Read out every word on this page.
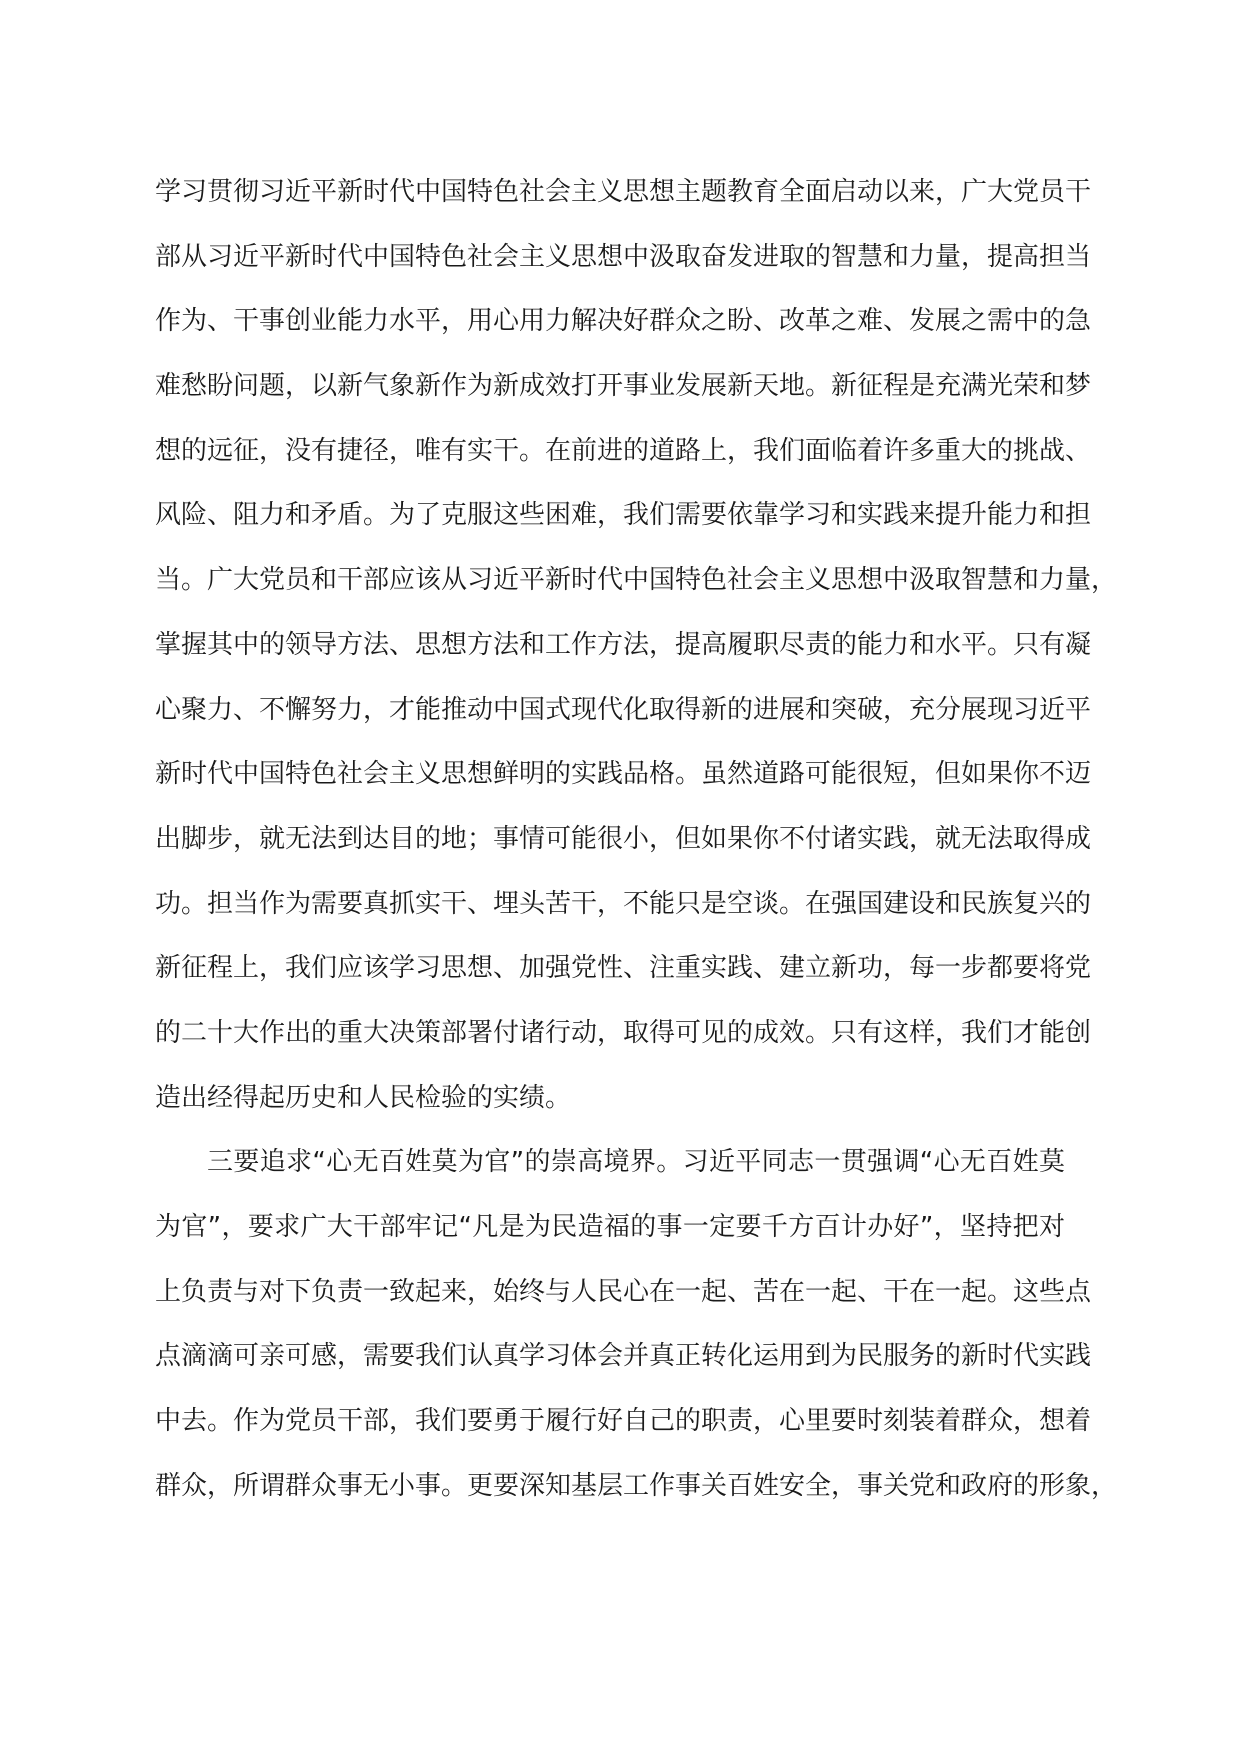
学习贯彻习近平新时代中国特色社会主义思想主题教育全面启动以来，广大党员干
部从习近平新时代中国特色社会主义思想中汲取奋发进取的智慧和力量，提高担当
作为、干事创业能力水平，用心用力解决好群众之盼、改革之难、发展之需中的急
难愁盼问题，以新气象新作为新成效打开事业发展新天地。新征程是充满光荣和梦
想的远征，没有捷径，唯有实干。在前进的道路上，我们面临着许多重大的挑战、
风险、阻力和矛盾。为了克服这些困难，我们需要依靠学习和实践来提升能力和担
当。广大党员和干部应该从习近平新时代中国特色社会主义思想中汲取智慧和力量，
掌握其中的领导方法、思想方法和工作方法，提高履职尽责的能力和水平。只有凝
心聚力、不懈努力，才能推动中国式现代化取得新的进展和突破，充分展现习近平
新时代中国特色社会主义思想鲜明的实践品格。虽然道路可能很短，但如果你不迈
出脚步，就无法到达目的地；事情可能很小，但如果你不付诸实践，就无法取得成
功。担当作为需要真抓实干、埋头苦干，不能只是空谈。在强国建设和民族复兴的
新征程上，我们应该学习思想、加强党性、注重实践、建立新功，每一步都要将党
的二十大作出的重大决策部署付诸行动，取得可见的成效。只有这样，我们才能创
造出经得起历史和人民检验的实绩。
三要追求“心无百姓莫为官”的崇高境界。习近平同志一贯强调“心无百姓莫
为官”，要求广大干部牢记“凡是为民造福的事一定要千方百计办好”，坚持把对
上负责与对下负责一致起来，始终与人民心在一起、苦在一起、干在一起。这些点
点滴滴可亲可感，需要我们认真学习体会并真正转化运用到为民服务的新时代实践
中去。作为党员干部，我们要勇于履行好自己的职责，心里要时刻装着群众，想着
群众，所谓群众事无小事。更要深知基层工作事关百姓安全，事关党和政府的形象，
